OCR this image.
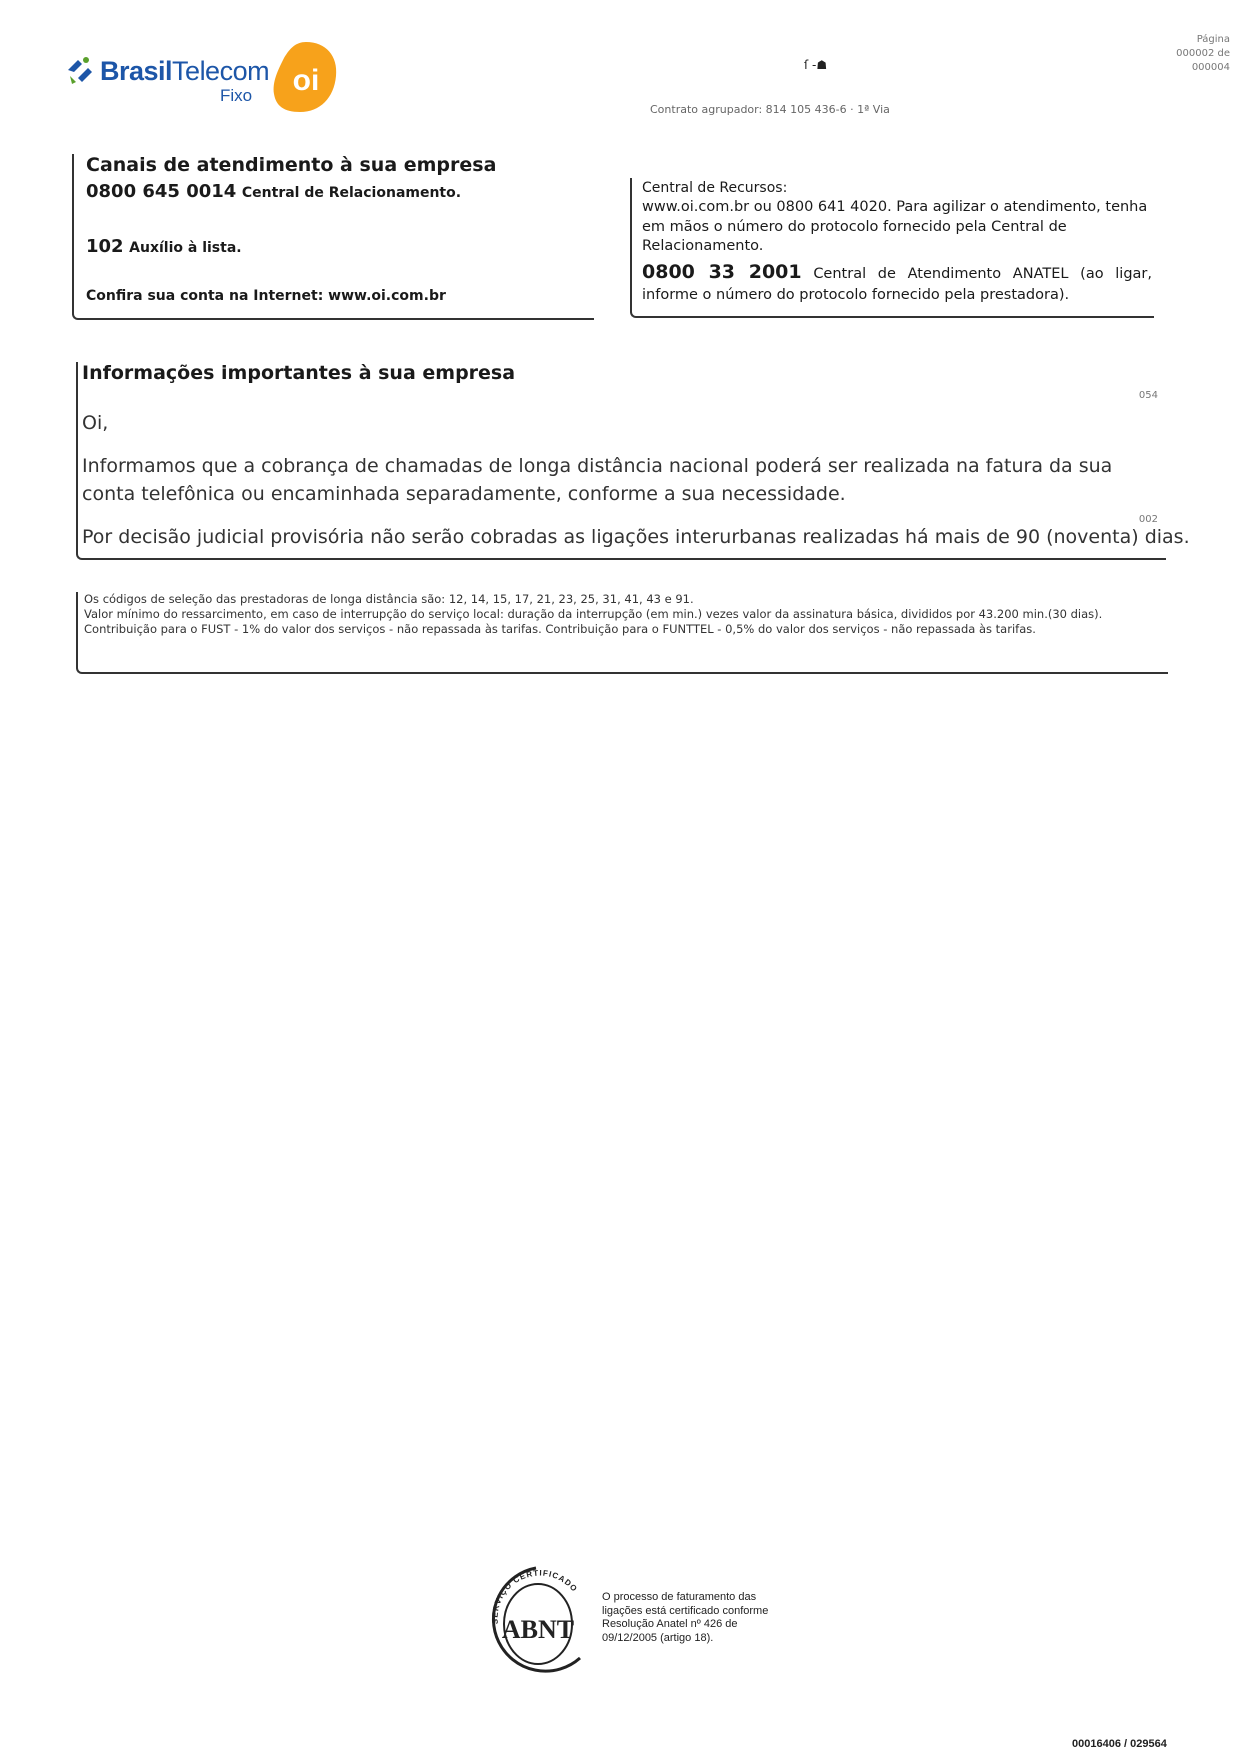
BrasilTelecom
Fixo oi
Página
000002 de
000004
ſ -☗
Contrato agrupador: 814 105 436-6 · 1ª Via
Canais de atendimento à sua empresa
0800 645 0014 Central de Relacionamento.
102 Auxílio à lista.
Confira sua conta na Internet: www.oi.com.br
Central de Recursos:
www.oi.com.br ou 0800 641 4020. Para agilizar o atendimento, tenha em mãos o número do protocolo fornecido pela Central de Relacionamento.
0800 33 2001 Central de Atendimento ANATEL (ao ligar, informe o número do protocolo fornecido pela prestadora).
Informações importantes à sua empresa
054
Oi,
Informamos que a cobrança de chamadas de longa distância nacional poderá ser realizada na fatura da sua conta telefônica ou encaminhada separadamente, conforme a sua necessidade.
002
Por decisão judicial provisória não serão cobradas as ligações interurbanas realizadas há mais de 90 (noventa) dias.

Os códigos de seleção das prestadoras de longa distância são: 12, 14, 15, 17, 21, 23, 25, 31, 41, 43 e 91.

Valor mínimo do ressarcimento, em caso de interrupção do serviço local: duração da interrupção (em min.) vezes valor da assinatura básica, divididos por 43.200 min.(30 dias).

Contribuição para o FUST - 1% do valor dos serviços - não repassada às tarifas. Contribuição para o FUNTTEL - 0,5% do valor dos serviços - não repassada às tarifas.

SERVIÇO CERTIFICADO
ABNT
O processo de faturamento das ligações está certificado conforme Resolução Anatel nº 426 de 09/12/2005 (artigo 18).
00016406 / 029564
